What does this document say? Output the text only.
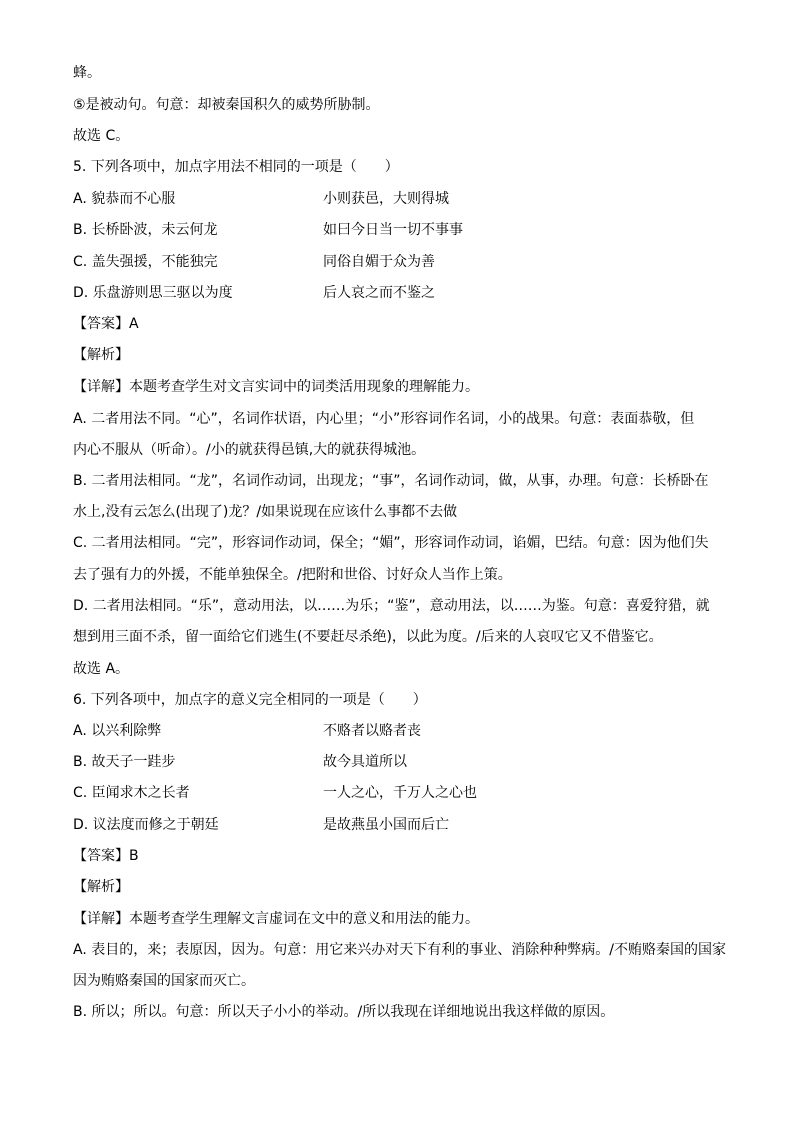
蜂。
⑤是被动句。句意：却被秦国积久的威势所胁制。
故选 C。
5. 下列各项中，加点字用法不相同的一项是（　　）
A. 貌恭而不心服	小则获邑，大则得城
B. 长桥卧波，未云何龙	如曰今日当一切不事事
C. 盖失强援，不能独完	同俗自媚于众为善
D. 乐盘游则思三驱以为度	后人哀之而不鉴之
【答案】A
【解析】
【详解】本题考查学生对文言实词中的词类活用现象的理解能力。
A. 二者用法不同。“心”，名词作状语，内心里；“小”形容词作名词，小的战果。句意：表面恭敬，但
内心不服从（听命）。/小的就获得邑镇,大的就获得城池。
B. 二者用法相同。“龙”，名词作动词，出现龙；“事”，名词作动词，做，从事，办理。句意：长桥卧在
水上,没有云怎么(出现了)龙？/如果说现在应该什么事都不去做
C. 二者用法相同。“完”，形容词作动词，保全；“媚”，形容词作动词，谄媚，巴结。句意：因为他们失
去了强有力的外援，不能单独保全。/把附和世俗、讨好众人当作上策。
D. 二者用法相同。“乐”，意动用法，以……为乐；“鉴”，意动用法，以……为鉴。句意：喜爱狩猎，就
想到用三面不杀，留一面给它们逃生(不要赶尽杀绝)，以此为度。/后来的人哀叹它又不借鉴它。
故选 A。
6. 下列各项中，加点字的意义完全相同的一项是（　　）
A. 以兴利除弊	不赂者以赂者丧
B. 故天子一跬步	故今具道所以
C. 臣闻求木之长者	一人之心，千万人之心也
D. 议法度而修之于朝廷	是故燕虽小国而后亡
【答案】B
【解析】
【详解】本题考查学生理解文言虚词在文中的意义和用法的能力。
A. 表目的，来；表原因，因为。句意：用它来兴办对天下有利的事业、消除种种弊病。/不贿赂秦国的国家
因为贿赂秦国的国家而灭亡。
B. 所以；所以。句意：所以天子小小的举动。/所以我现在详细地说出我这样做的原因。
